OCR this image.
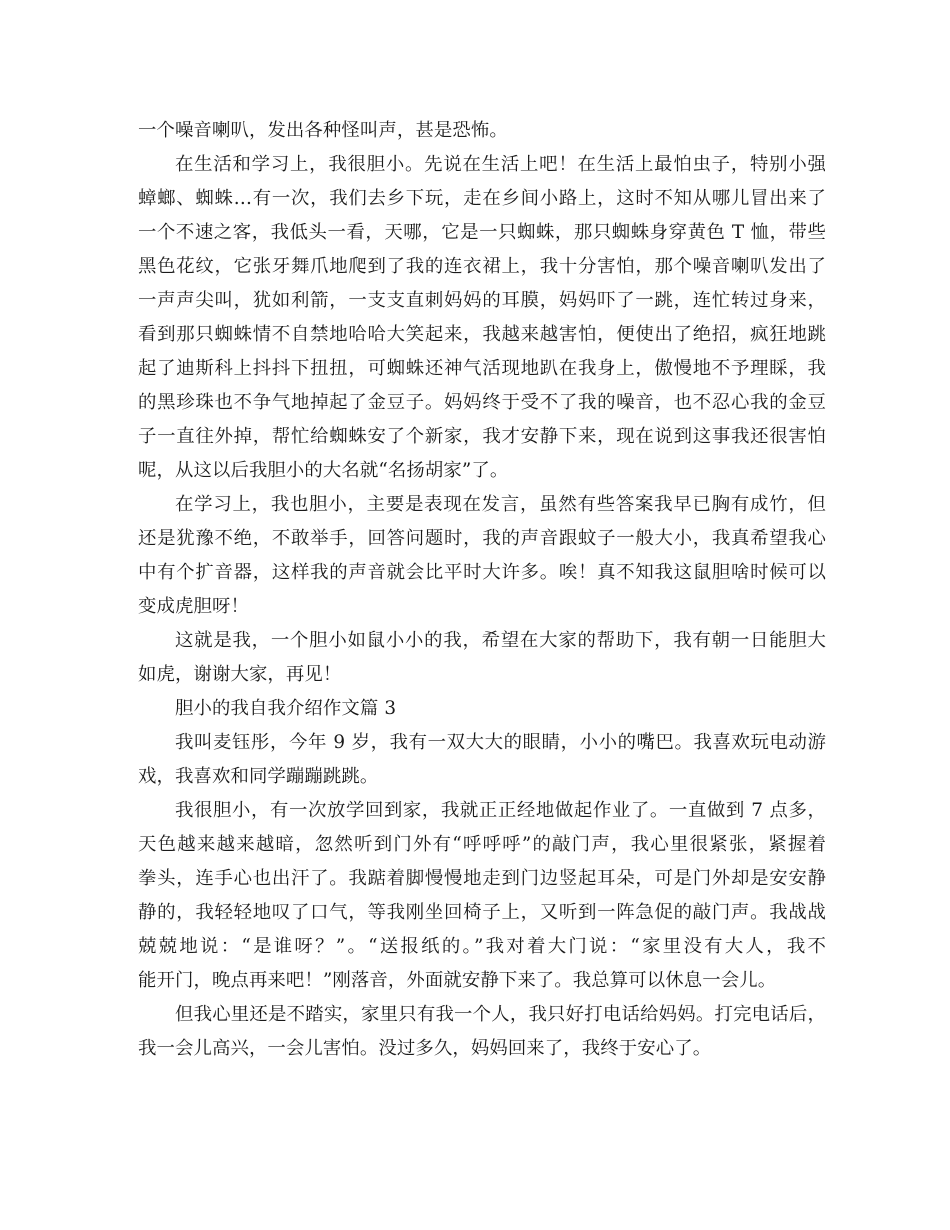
一个噪音喇叭，发出各种怪叫声，甚是恐怖。
在生活和学习上，我很胆小。先说在生活上吧！在生活上最怕虫子，特别小强
蟑螂、蜘蛛…有一次，我们去乡下玩，走在乡间小路上，这时不知从哪儿冒出来了
一个不速之客，我低头一看，天哪，它是一只蜘蛛，那只蜘蛛身穿黄色 T 恤，带些
黑色花纹，它张牙舞爪地爬到了我的连衣裙上，我十分害怕，那个噪音喇叭发出了
一声声尖叫，犹如利箭，一支支直刺妈妈的耳膜，妈妈吓了一跳，连忙转过身来，
看到那只蜘蛛情不自禁地哈哈大笑起来，我越来越害怕，便使出了绝招，疯狂地跳
起了迪斯科上抖抖下扭扭，可蜘蛛还神气活现地趴在我身上，傲慢地不予理睬，我
的黑珍珠也不争气地掉起了金豆子。妈妈终于受不了我的噪音，也不忍心我的金豆
子一直往外掉，帮忙给蜘蛛安了个新家，我才安静下来，现在说到这事我还很害怕
呢，从这以后我胆小的大名就“名扬胡家”了。
在学习上，我也胆小，主要是表现在发言，虽然有些答案我早已胸有成竹，但
还是犹豫不绝，不敢举手，回答问题时，我的声音跟蚊子一般大小，我真希望我心
中有个扩音器，这样我的声音就会比平时大许多。唉！真不知我这鼠胆啥时候可以
变成虎胆呀！
这就是我，一个胆小如鼠小小的我，希望在大家的帮助下，我有朝一日能胆大
如虎，谢谢大家，再见！
胆小的我自我介绍作文篇 3
我叫麦钰彤，今年 9 岁，我有一双大大的眼睛，小小的嘴巴。我喜欢玩电动游
戏，我喜欢和同学蹦蹦跳跳。
我很胆小，有一次放学回到家，我就正正经地做起作业了。一直做到 7 点多，
天色越来越来越暗，忽然听到门外有“呼呼呼”的敲门声，我心里很紧张，紧握着
拳头，连手心也出汗了。我踮着脚慢慢地走到门边竖起耳朵，可是门外却是安安静
静的，我轻轻地叹了口气，等我刚坐回椅子上，又听到一阵急促的敲门声。我战战
兢兢地说：“是谁呀？”。“送报纸的。”我对着大门说：“家里没有大人，我不
能开门，晚点再来吧！”刚落音，外面就安静下来了。我总算可以休息一会儿。
但我心里还是不踏实，家里只有我一个人，我只好打电话给妈妈。打完电话后，
我一会儿高兴，一会儿害怕。没过多久，妈妈回来了，我终于安心了。
